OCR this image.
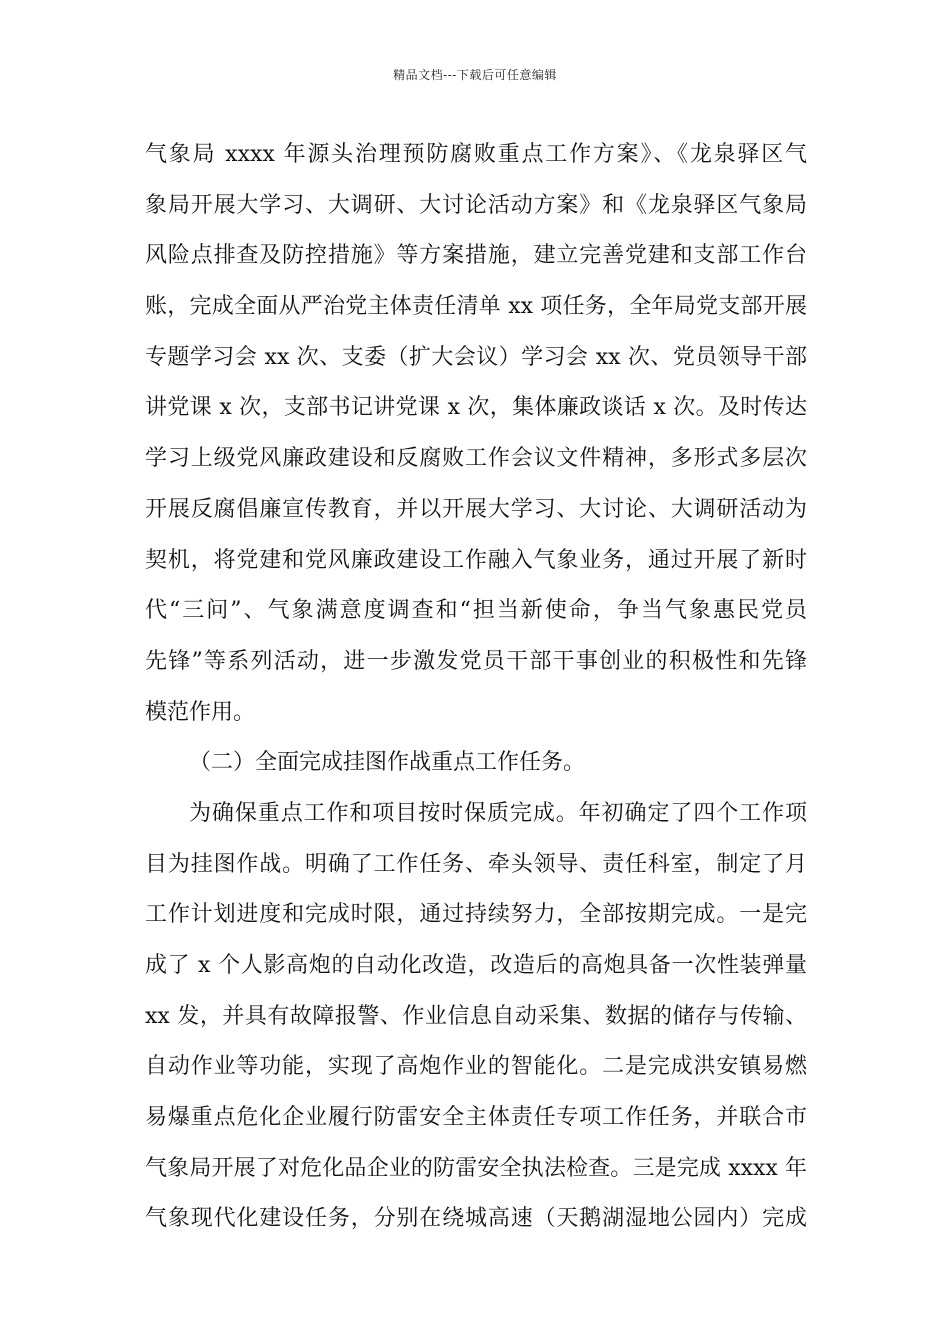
精品文档---下载后可任意编辑
气象局 xxxx 年源头治理预防腐败重点工作方案》、《龙泉驿区气
象局开展大学习、大调研、大讨论活动方案》和《龙泉驿区气象局
风险点排查及防控措施》等方案措施，建立完善党建和支部工作台
账，完成全面从严治党主体责任清单 xx 项任务，全年局党支部开展
专题学习会 xx 次、支委（扩大会议）学习会 xx 次、党员领导干部
讲党课 x 次，支部书记讲党课 x 次，集体廉政谈话 x 次。及时传达
学习上级党风廉政建设和反腐败工作会议文件精神，多形式多层次
开展反腐倡廉宣传教育，并以开展大学习、大讨论、大调研活动为
契机，将党建和党风廉政建设工作融入气象业务，通过开展了新时
代“三问”、气象满意度调查和“担当新使命，争当气象惠民党员
先锋”等系列活动，进一步激发党员干部干事创业的积极性和先锋
模范作用。
（二）全面完成挂图作战重点工作任务。
为确保重点工作和项目按时保质完成。年初确定了四个工作项
目为挂图作战。明确了工作任务、牵头领导、责任科室，制定了月
工作计划进度和完成时限，通过持续努力，全部按期完成。一是完
成了 x 个人影高炮的自动化改造，改造后的高炮具备一次性装弹量
xx 发，并具有故障报警、作业信息自动采集、数据的储存与传输、
自动作业等功能，实现了高炮作业的智能化。二是完成洪安镇易燃
易爆重点危化企业履行防雷安全主体责任专项工作任务，并联合市
气象局开展了对危化品企业的防雷安全执法检查。三是完成 xxxx 年
气象现代化建设任务，分别在绕城高速（天鹅湖湿地公园内）完成
